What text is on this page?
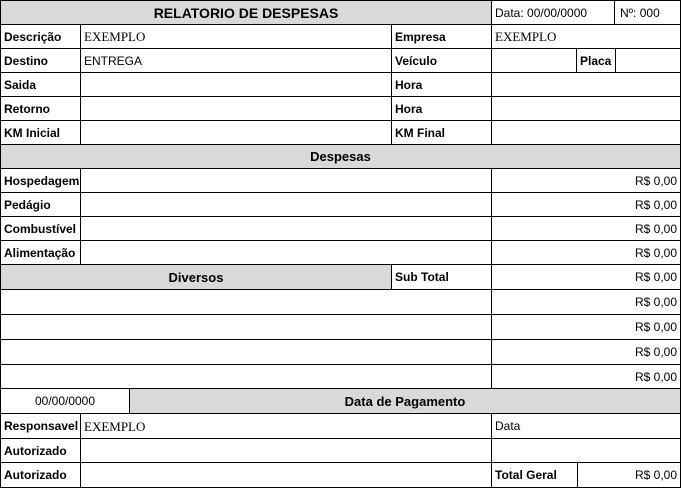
RELATORIO DE DESPESAS	Data: 00/00/0000	Nº: 000
Descrição	EXEMPLO	Empresa	EXEMPLO
Destino	ENTREGA	Veículo	Placa
Saida	Hora
Retorno	Hora
KM Inicial	KM Final
Despesas
Hospedagem	R$ 0,00
Pedágio	R$ 0,00
Combustível	R$ 0,00
Alimentação	R$ 0,00
Diversos	Sub Total	R$ 0,00
R$ 0,00
R$ 0,00
R$ 0,00
R$ 0,00
00/00/0000	Data de Pagamento
Responsavel EXEMPLO	Data
Autorizado
Autorizado	Total Geral	R$ 0,00
